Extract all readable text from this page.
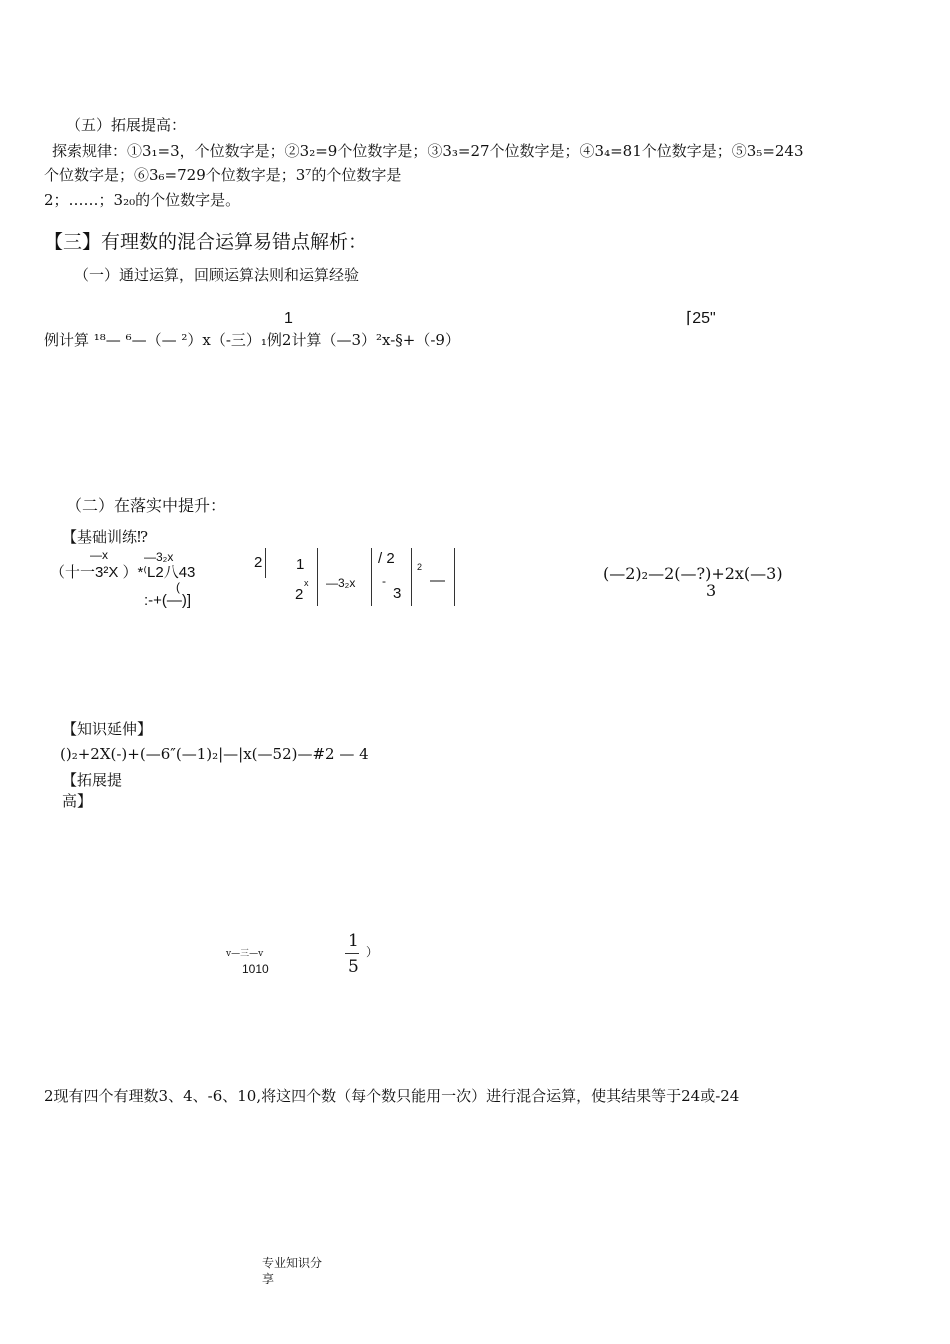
（五）拓展提高：
探索规律：①3₁=3，个位数字是；②3₂=9个位数字是；③3₃=27个位数字是；④3₄=81个位数字是；⑤3₅=243
个位数字是；⑥3₆=729个位数字是；3⁷的个位数字是
2；……；3₂₀的个位数字是。
【三】有理数的混合运算易错点解析：
（一）通过运算，回顾运算法则和运算经验
1	⌈25"
例计算 ¹⁸— ⁶—（— ²）x（-三）₁例2计算（—3）²x-§+（-9）
（二）在落实中提升：
【基础训练⁉
—x	—3₂x
（十一3²X ）*⁽L2八43
(
:-+(—)]
2 1
x
2
—3₂x
/ 2
-
3
2
—	(—2)₂—2(—?)+2x(—3)
3
【知识延伸】
()₂+2X(-)+(—6″(—1)₂|—|x(—52)—#2 — 4
【拓展提
高】
v—三—v
1010
1
5
）
2现有四个有理数3、4、-6、10,将这四个数（每个数只能用一次）进行混合运算，使其结果等于24或-24
专业知识分
享
